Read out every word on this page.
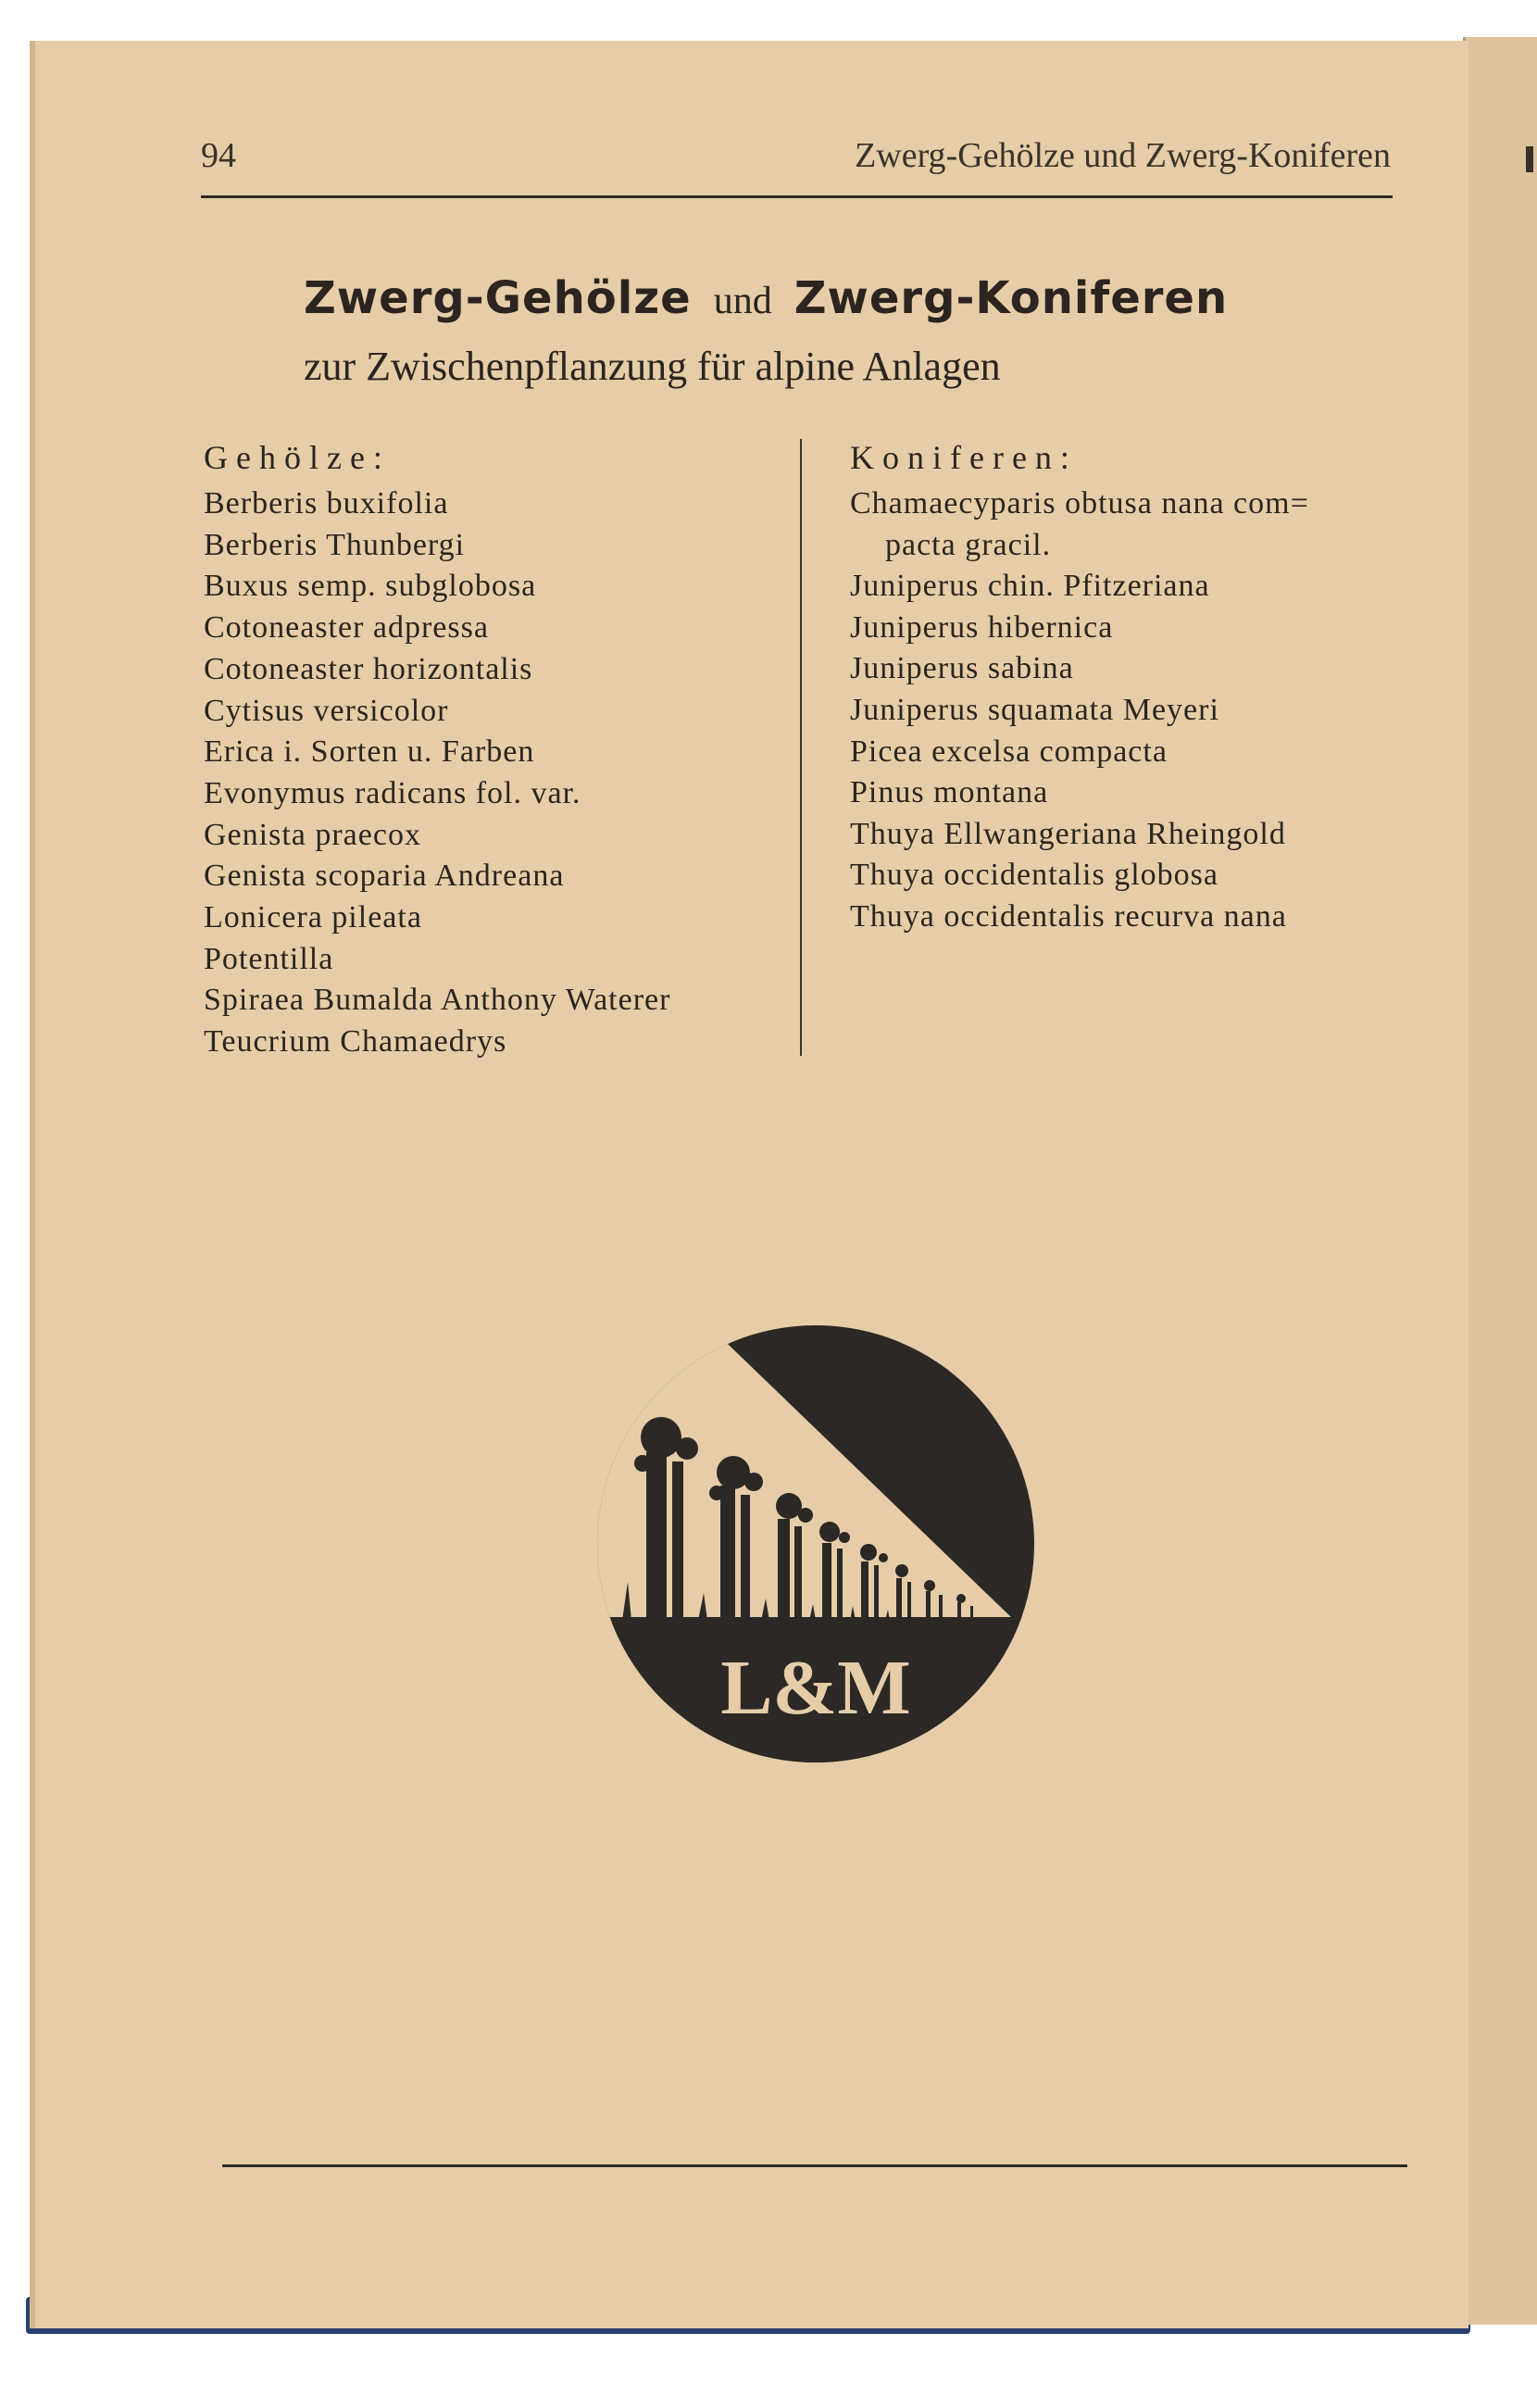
94	Zwerg-Gehölze und Zwerg-Koniferen
Zwerg-Gehölze und Zwerg-Koniferen
zur Zwischenpflanzung für alpine Anlagen
Gehölze:
Berberis buxifolia
Berberis Thunbergi
Buxus semp. subglobosa
Cotoneaster adpressa
Cotoneaster horizontalis
Cytisus versicolor
Erica i. Sorten u. Farben
Evonymus radicans fol. var.
Genista praecox
Genista scoparia Andreana
Lonicera pileata
Potentilla
Spiraea Bumalda Anthony Waterer
Teucrium Chamaedrys
Koniferen:
Chamaecyparis obtusa nana com=
pacta gracil.
Juniperus chin. Pfitzeriana
Juniperus hibernica
Juniperus sabina
Juniperus squamata Meyeri
Picea excelsa compacta
Pinus montana
Thuya Ellwangeriana Rheingold
Thuya occidentalis globosa
Thuya occidentalis recurva nana
L&M
